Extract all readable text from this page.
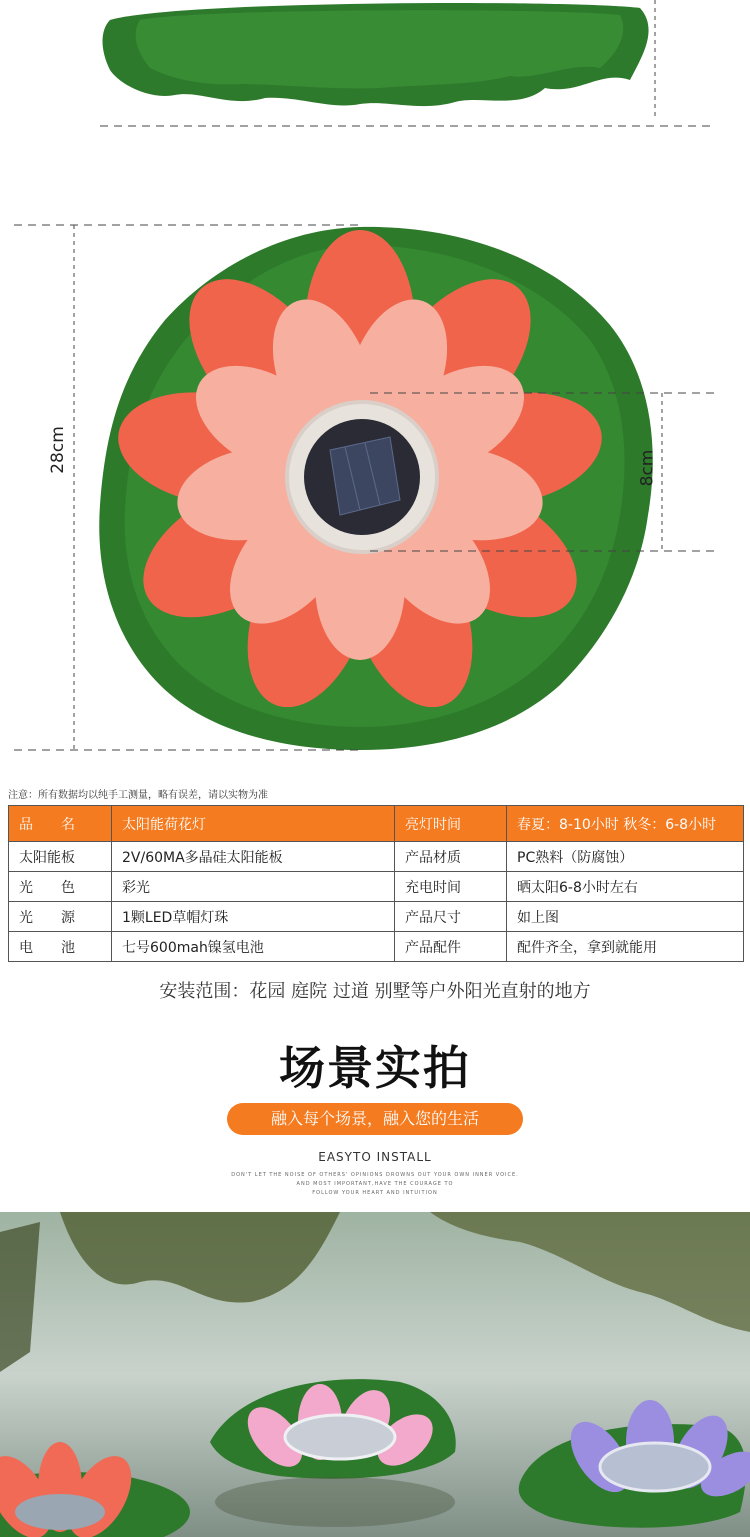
28cm	8cm
注意：所有数据均以纯手工测量，略有误差，请以实物为准
品　　名	太阳能荷花灯	亮灯时间	春夏：8-10小时 秋冬：6-8小时
太阳能板	2V/60MA多晶硅太阳能板	产品材质	PC熟料（防腐蚀）
光　　色	彩光	充电时间	晒太阳6-8小时左右
光　　源	1颗LED草帽灯珠	产品尺寸	如上图
电　　池	七号600mah镍氢电池	产品配件	配件齐全，拿到就能用
安装范围：花园 庭院 过道 别墅等户外阳光直射的地方
场景实拍
融入每个场景，融入您的生活
EASYTO INSTALL
DON'T LET THE NOISE OF OTHERS' OPINIONS DROWNS OUT YOUR OWN INNER VOICE.
AND MOST IMPORTANT,HAVE THE COURAGE TO
FOLLOW YOUR HEART AND INTUITION
